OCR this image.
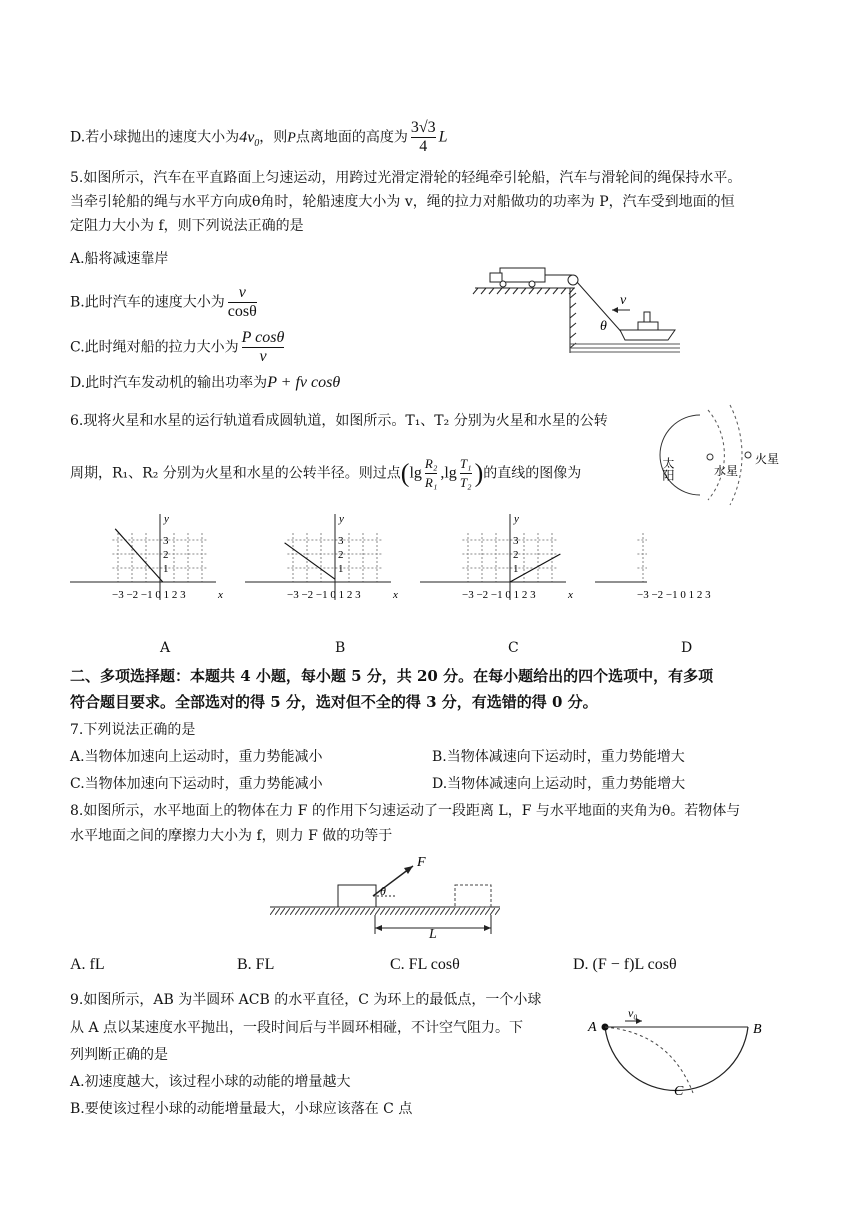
D.若小球抛出的速度大小为$4v_0$，则P点离地面的高度为 $\frac{3√3}{4}$ L
5.如图所示，汽车在平直路面上匀速运动，用跨过光滑定滑轮的轻绳牵引轮船，汽车与滑轮间的绳保持水平。
当牵引轮船的绳与水平方向成θ角时，轮船速度大小为 v，绳的拉力对船做功的功率为 P，汽车受到地面的恒
定阻力大小为 f，则下列说法正确的是
A.船将减速靠岸
B.此时汽车的速度大小为 $\frac{v}{\cos\theta}$
C.此时绳对船的拉力大小为 $\frac{\text{P cosθ}}{v}$
D.此时汽车发动机的输出功率为P + fv cosθ
v
θ
6.现将火星和水星的运行轨道看成圆轨道，如图所示。T₁、T₂ 分别为火星和水星的公转
周期，R₁、R₂ 分别为火星和水星的公转半径。则过点($\lg \frac{\text{R₂}}{\text{R₁}} ,\lg \frac{\text{T₁}}{\text{T₂}}$ )的直线的图像为	太阳	水星
火星
y
3
2
1
x
−3 −2 −1 0 1 2 3
A
y
3
2
1
x
−3 −2 −1 0 1 2 3
B
y
3
2
1
x
−3 −2 −1 0 1 2 3
C
−3 −2 −1 0 1 2 3
D
二、多项选择题：本题共 4 小题，每小题 5 分，共 20 分。在每小题给出的四个选项中，有多项
符合题目要求。全部选对的得 5 分，选对但不全的得 3 分，有选错的得 0 分。
7.下列说法正确的是
A.当物体加速向上运动时，重力势能减小	B.当物体减速向下运动时，重力势能增大
C.当物体加速向下运动时，重力势能减小	D.当物体减速向上运动时，重力势能增大
8.如图所示，水平地面上的物体在力 F 的作用下匀速运动了一段距离 L，F 与水平地面的夹角为θ。若物体与
水平地面之间的摩擦力大小为 f，则力 F 做的功等于
F
θ
L
A. fL	B. FL	C. FL cosθ	D. (F − f)L cosθ
9.如图所示，AB 为半圆环 ACB 的水平直径，C 为环上的最低点，一个小球
从 A 点以某速度水平抛出，一段时间后与半圆环相碰，不计空气阻力。下
列判断正确的是
A.初速度越大，该过程小球的动能的增量越大
B.要使该过程小球的动能增量最大，小球应该落在 C 点
v₀
A	B
C
